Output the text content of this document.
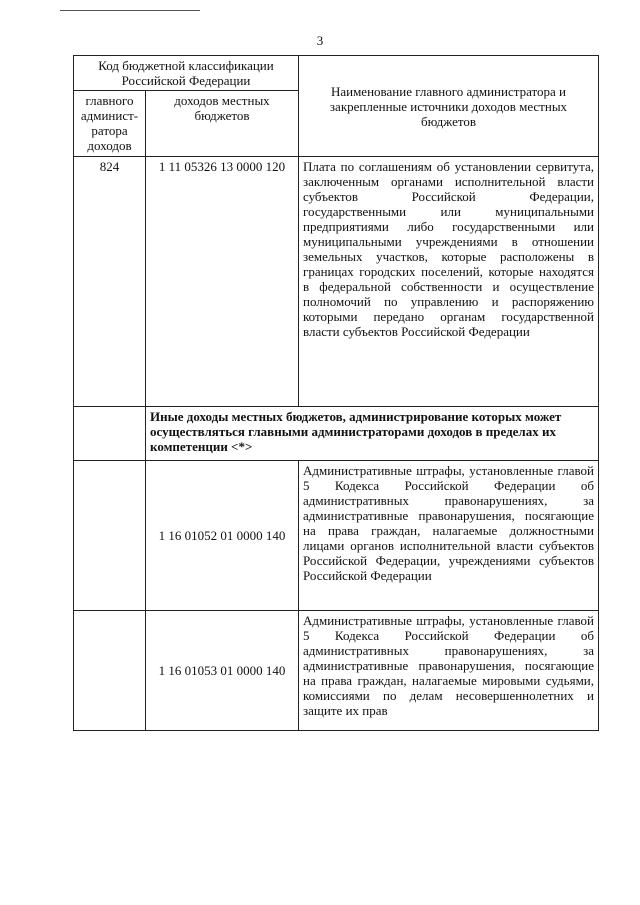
3
Код бюджетной классификации Российской Федерации		Наименование главного администратора и закрепленные источники доходов местных бюджетов
главного админист-ратора доходов	доходов местных бюджетов	
824	1 11 05326 13 0000 120	Плата по соглашениям об установлении сервитута, заключенным органами исполнительной власти субъектов Российской Федерации, государственными или муниципальными предприятиями либо государственными или муниципальными учреждениями в отношении земельных участков, которые расположены в границах городских поселений, которые находятся в федеральной собственности и осуществление полномочий по управлению и распоряжению которыми передано органам государственной власти субъектов Российской Федерации
	Иные доходы местных бюджетов, администрирование которых может осуществляться главными администраторами доходов в пределах их компетенции <*>	
	1 16 01052 01 0000 140	Административные штрафы, установленные главой 5 Кодекса Российской Федерации об административных правонарушениях, за административные правонарушения, посягающие на права граждан, налагаемые должностными лицами органов исполнительной власти субъектов Российской Федерации, учреждениями субъектов Российской Федерации
	1 16 01053 01 0000 140	Административные штрафы, установленные главой 5 Кодекса Российской Федерации об административных правонарушениях, за административные правонарушения, посягающие на права граждан, налагаемые мировыми судьями, комиссиями по делам несовершеннолетних и защите их прав
